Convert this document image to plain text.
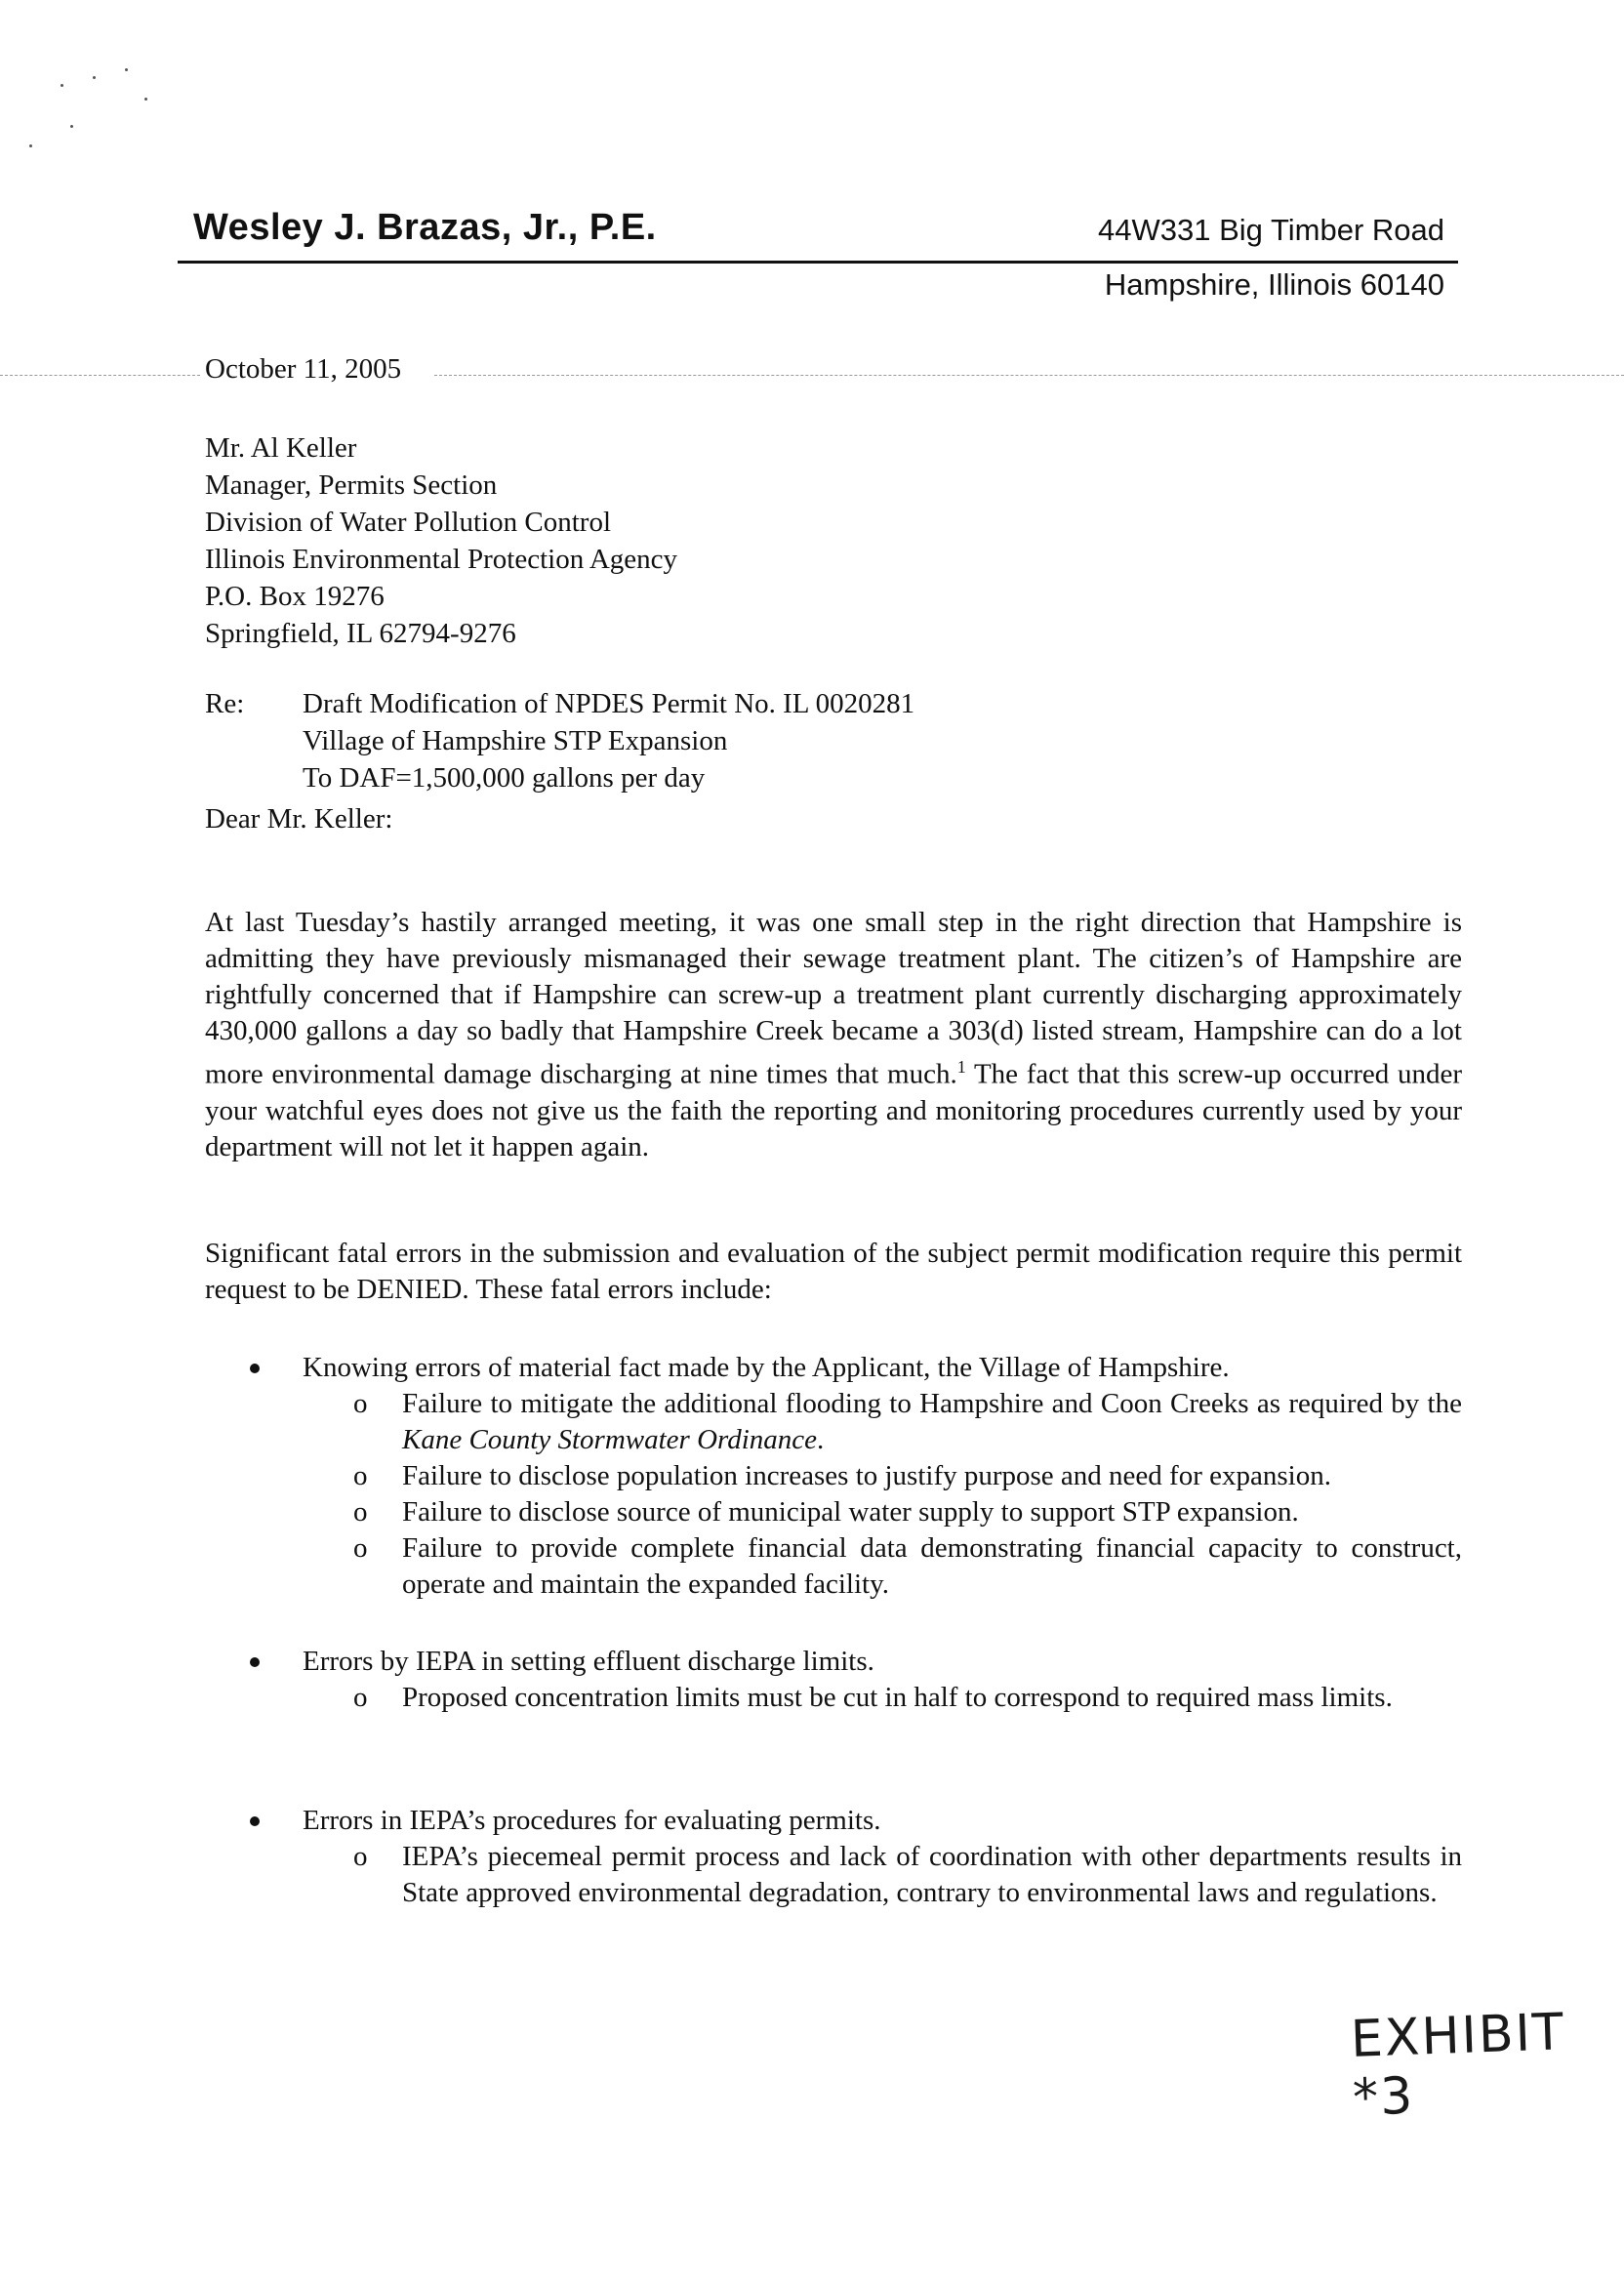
Wesley J. Brazas, Jr., P.E.	44W331 Big Timber Road
Hampshire, Illinois 60140
October 11, 2005
Mr. Al Keller
Manager, Permits Section
Division of Water Pollution Control
Illinois Environmental Protection Agency
P.O. Box 19276
Springfield, IL 62794-9276
Re: Draft Modification of NPDES Permit No. IL 0020281
Village of Hampshire STP Expansion
To DAF=1,500,000 gallons per day
Dear Mr. Keller:
At last Tuesday’s hastily arranged meeting, it was one small step in the right direction that Hampshire is admitting they have previously mismanaged their sewage treatment plant. The citizen’s of Hampshire are rightfully concerned that if Hampshire can screw-up a treatment plant currently discharging approximately 430,000 gallons a day so badly that Hampshire Creek became a 303(d) listed stream, Hampshire can do a lot more environmental damage discharging at nine times that much.$^1$ The fact that this screw-up occurred under your watchful eyes does not give us the faith the reporting and monitoring procedures currently used by your department will not let it happen again.
Significant fatal errors in the submission and evaluation of the subject permit modification require this permit request to be DENIED. These fatal errors include:
Knowing errors of material fact made by the Applicant, the Village of Hampshire.
o Failure to mitigate the additional flooding to Hampshire and Coon Creeks as required by the Kane County Stormwater Ordinance.
o Failure to disclose population increases to justify purpose and need for expansion.
o Failure to disclose source of municipal water supply to support STP expansion.
o Failure to provide complete financial data demonstrating financial capacity to construct, operate and maintain the expanded facility.
Errors by IEPA in setting effluent discharge limits.
o Proposed concentration limits must be cut in half to correspond to required mass limits.
Errors in IEPA’s procedures for evaluating permits.
o IEPA’s piecemeal permit process and lack of coordination with other departments results in State approved environmental degradation, contrary to environmental laws and regulations.
EXHIBIT *3
